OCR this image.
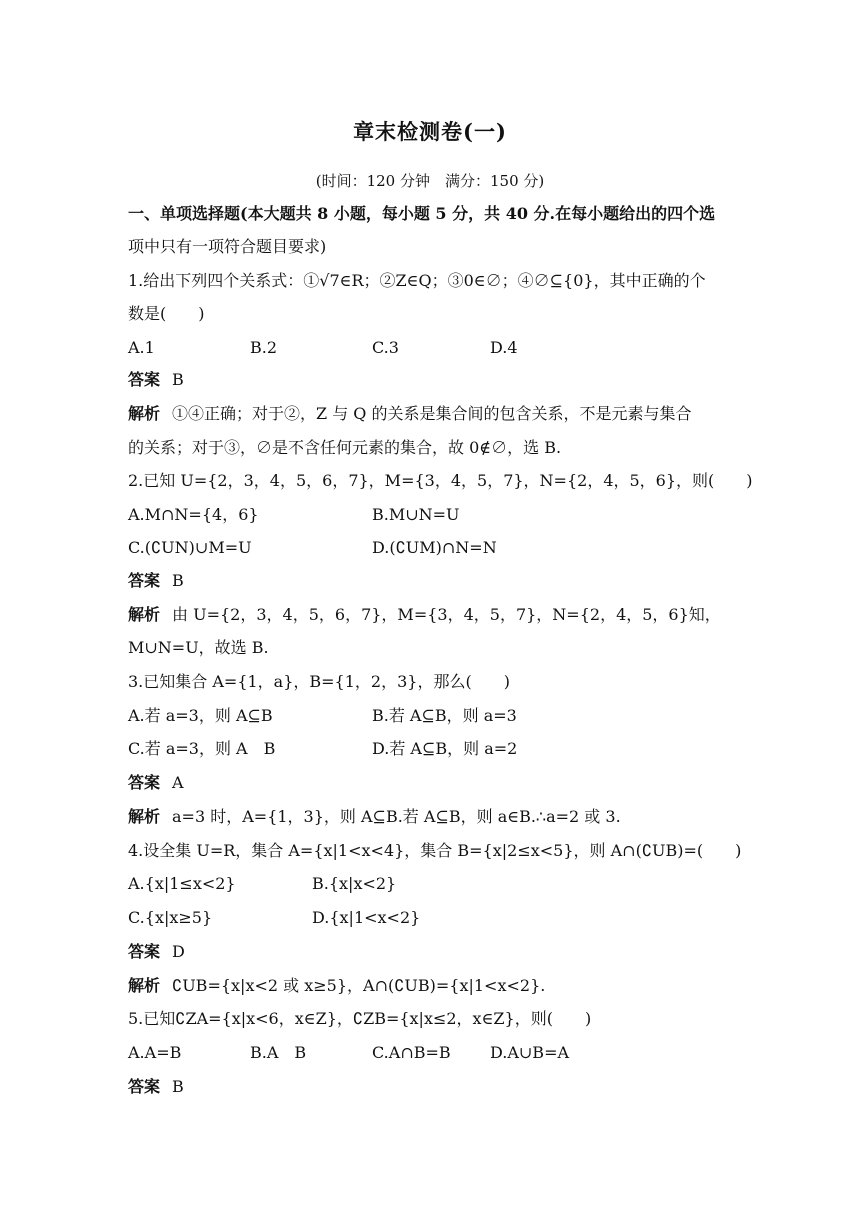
章末检测卷(一)
(时间：120 分钟　满分：150 分)
一、单项选择题(本大题共 8 小题，每小题 5 分，共 40 分.在每小题给出的四个选
项中只有一项符合题目要求)
1.给出下列四个关系式：①√7∈R；②Z∈Q；③0∈∅；④∅⊆{0}，其中正确的个
数是(　　)
A.1	B.2	C.3	D.4
答案 B
解析 ①④正确；对于②，Z 与 Q 的关系是集合间的包含关系，不是元素与集合
的关系；对于③，∅是不含任何元素的集合，故 0∉∅，选 B.
2.已知 U={2，3，4，5，6，7}，M={3，4，5，7}，N={2，4，5，6}，则(　　)
A.M∩N={4，6}	B.M∪N=U
C.(∁UN)∪M=U	D.(∁UM)∩N=N
答案 B
解析 由 U={2，3，4，5，6，7}，M={3，4，5，7}，N={2，4，5，6}知，
M∪N=U，故选 B.
3.已知集合 A={1，a}，B={1，2，3}，那么(　　)
A.若 a=3，则 A⊆B	B.若 A⊆B，则 a=3
C.若 a=3，则 A　B	D.若 A⊆B，则 a=2
答案 A
解析 a=3 时，A={1，3}，则 A⊆B.若 A⊆B，则 a∈B.∴a=2 或 3.
4.设全集 U=R，集合 A={x|1<x<4}，集合 B={x|2≤x<5}，则 A∩(∁UB)=(　　)
A.{x|1≤x<2}	B.{x|x<2}
C.{x|x≥5}	D.{x|1<x<2}
答案 D
解析 ∁UB={x|x<2 或 x≥5}，A∩(∁UB)={x|1<x<2}.
5.已知∁ZA={x|x<6，x∈Z}，∁ZB={x|x≤2，x∈Z}，则(　　)
A.A=B	B.A　B	C.A∩B=B D.A∪B=A
答案 B
